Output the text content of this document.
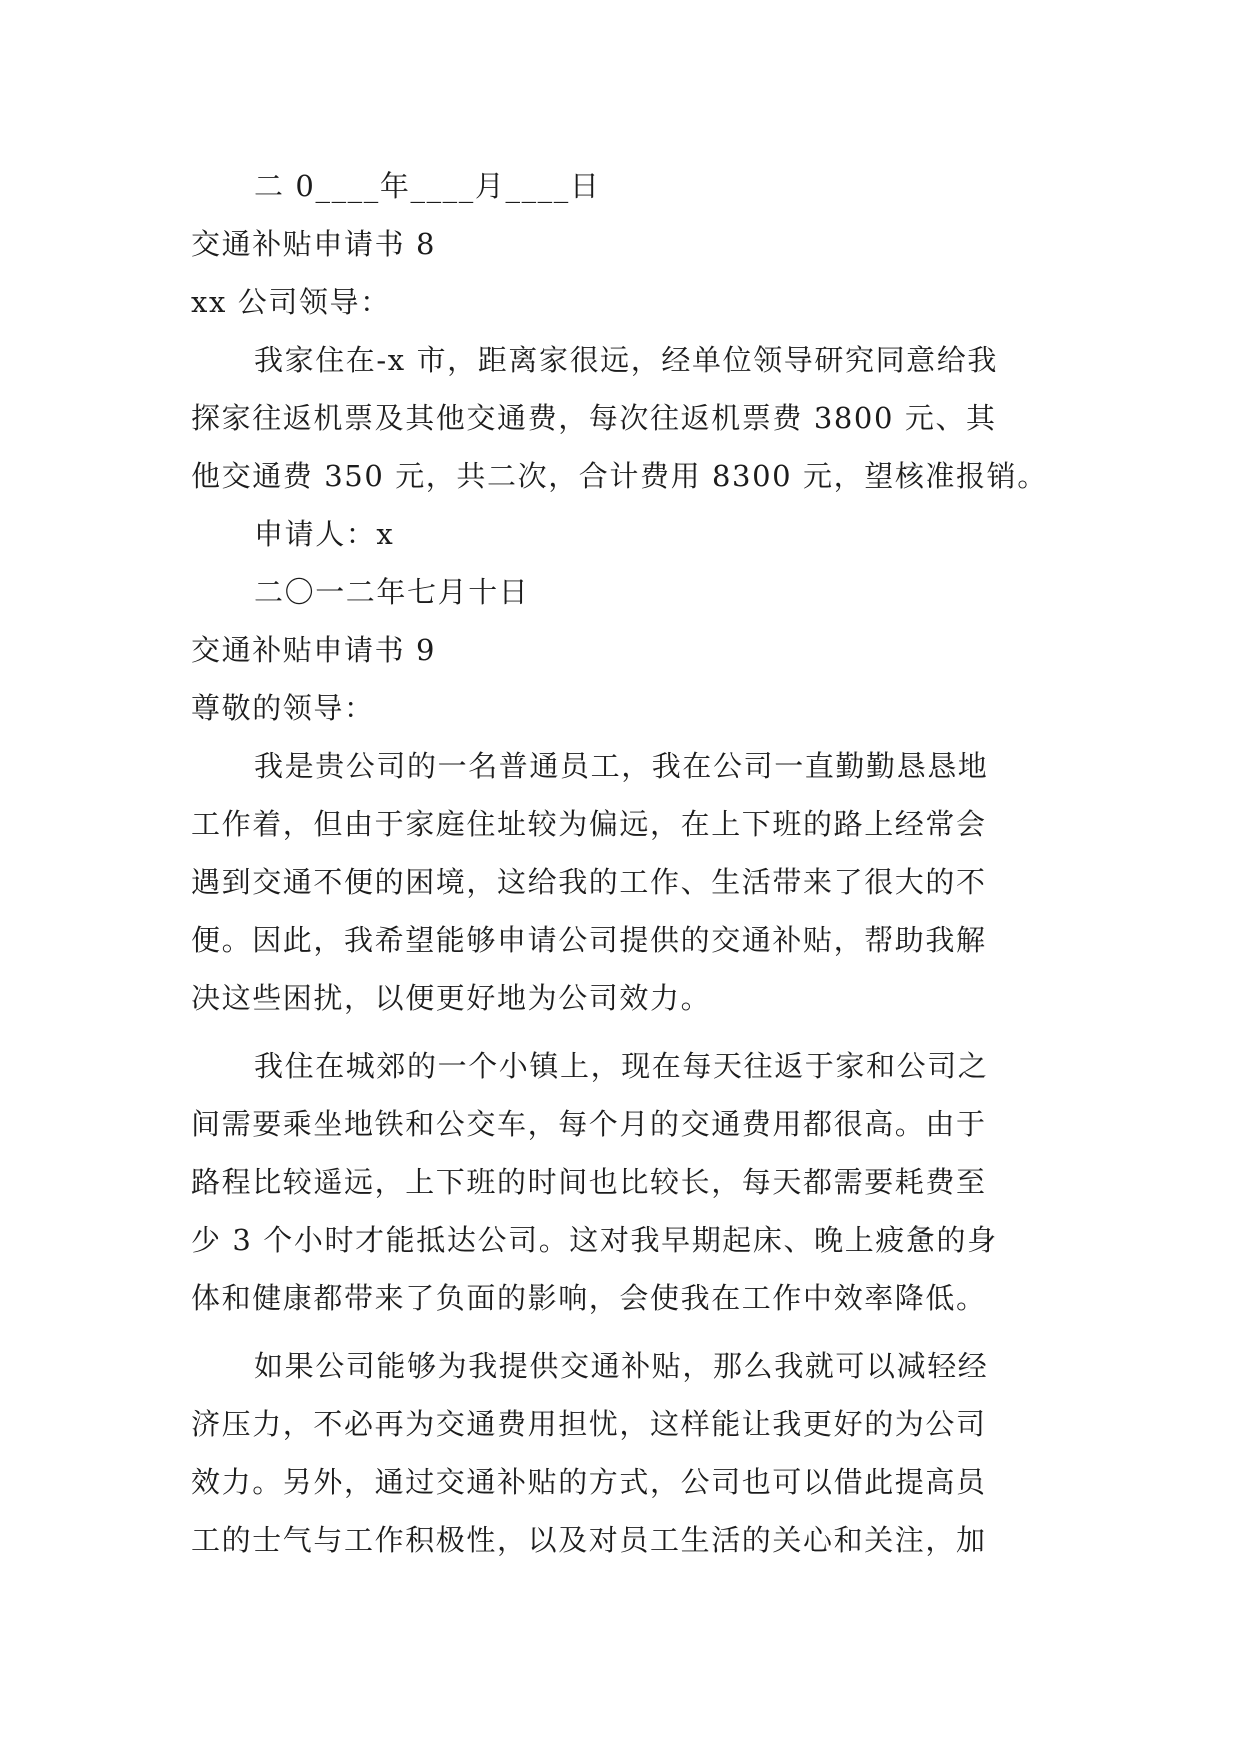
二 0____年____月____日
交通补贴申请书 8
xx 公司领导：
我家住在-x 市，距离家很远，经单位领导研究同意给我
探家往返机票及其他交通费，每次往返机票费 3800 元、其
他交通费 350 元，共二次，合计费用 8300 元，望核准报销。
申请人：x
二〇一二年七月十日
交通补贴申请书 9
尊敬的领导：
我是贵公司的一名普通员工，我在公司一直勤勤恳恳地
工作着，但由于家庭住址较为偏远，在上下班的路上经常会
遇到交通不便的困境，这给我的工作、生活带来了很大的不
便。因此，我希望能够申请公司提供的交通补贴，帮助我解
决这些困扰，以便更好地为公司效力。
我住在城郊的一个小镇上，现在每天往返于家和公司之
间需要乘坐地铁和公交车，每个月的交通费用都很高。由于
路程比较遥远，上下班的时间也比较长，每天都需要耗费至
少 3 个小时才能抵达公司。这对我早期起床、晚上疲惫的身
体和健康都带来了负面的影响，会使我在工作中效率降低。
如果公司能够为我提供交通补贴，那么我就可以减轻经
济压力，不必再为交通费用担忧，这样能让我更好的为公司
效力。另外，通过交通补贴的方式，公司也可以借此提高员
工的士气与工作积极性，以及对员工生活的关心和关注，加
